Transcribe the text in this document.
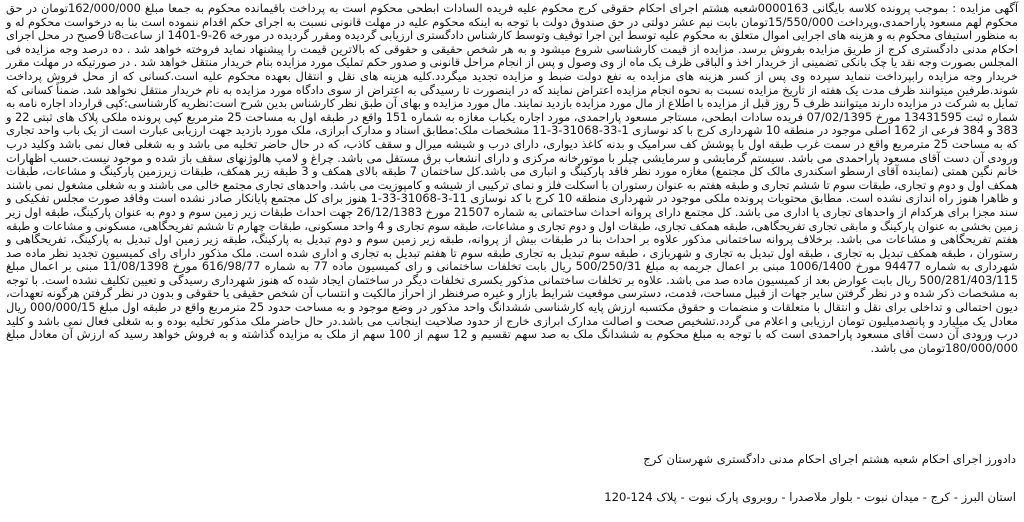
آگهی مزایده : بموجب پرونده کلاسه بایگانی 0000163شعبه هشتم اجرای احکام حقوقی کرج محکوم علیه فریده السادات ابطحی محکوم است به پرداخت باقیمانده محکوم به جمعا مبلغ 162/000/000تومان در حق محکوم لهم مسعود پاراحمدی،وپرداخت 15/550/000تومان بابت نیم عشر دولتی در حق صندوق دولت با توجه به اینکه محکوم علیه در مهلت قانونی نسبت به اجرای حکم اقدام ننموده است بنا به درخواست محکوم له و به منظور استیفای محکوم به و هزینه های اجرایی اموال متعلق به محکوم علیه توسط این اجرا توقیف وتوسط کارشناس دادگستری ارزیابی گردیده ومقرر گردیده در مورخه 26-9-1401 از ساعت8تا 9صبح در محل اجرای احکام مدنی دادگستری کرج از طریق مزایده بفروش برسد. مزایده از قیمت کارشناسی شروع میشود و به هر شخص حقیقی و حقوقی که بالاترین قیمت را پیشنهاد نماید فروخته خواهد شد . ده درصد وجه مزایده فی المجلس بصورت وجه نقد یا چک بانکی تضمینی از خریدار اخذ و الباقی ظرف یک ماه از وی وصول و پس از انجام مراحل قانونی و صدور حکم تملیک مورد مزایده بنام خریدار منتقل خواهد شد . در صورتیکه در مهلت مقرر خریدار وجه مزایده رابپرداخت ننماید سپرده وی پس از کسر هزینه های مزایده به نفع دولت ضبط و مزایده تجدید میگردد.کلیه هزینه های نقل و انتقال بعهده محکوم علیه است.کسانی که از محل فروش پرداخت شوند.طرفین میتوانند ظرف مدت یک هفته از تاریخ مزایده نسبت به نحوه انجام مزایده اعتراض نمایند که در اینصورت تا رسیدگی به اعتراض از سوی دادگاه مورد مزایده به نام خریدار منتقل نخواهد شد. ضمناً کسانی که تمایل به شرکت در مزایده دارند میتوانند ظرف 5 روز قبل از مزایده با اطلاع از مال مورد مزایده بازدید نمایند. مال مورد مزایده و بهای آن طبق نظر کارشناس بدین شرح است:نظریه کارشناسی:کپی قرارداد اجاره نامه به شماره ثبت 13431595 مورخ 07/02/1395 فریده سادات ابطحی، مستاجر مسعود پاراحمدی، مورد اجاره یکباب مغازه به شماره 151 واقع در طبقه اول به مساحت 25 مترمربع کپی پرونده ملکی پلاک های ثبتی 22 و 383 و 384 فرعی از 162 اصلی موجود در منطقه 10 شهرداری کرج با کد نوسازی 1-33-31068-3-11 مشخصات ملک:مطابق اسناد و مدارک ابرازی، ملک مورد بازدید جهت ارزیابی عبارت است از یک باب واحد تجاری که به مساحت 25 مترمربع واقع در سمت غرب طبقه اول با پوشش کف سرامیک و بدنه کاغذ دیواری، دارای درب و شیشه میرال و سقف کاذب، که در حال حاضر تخلیه می باشد و به شغلی فعال نمی باشد وکلید درب ورودی آن دست آقای مسعود پاراحمدی می باشد. سیستم گرمایشی و سرمایشی چیلر با موتورخانه مرکزی و دارای انشعاب برق مستقل می باشد. چراغ و لامپ هالوژنهای سقف باز شده و موجود نیست.حسب اظهارات خانم نگین همتی (نماینده آقای ارسطو اسکندری مالک کل مجتمع) مغازه مورد نظر فاقد پارکینگ و انباری می باشد.کل ساختمان 7 طبقه بالای همکف و 3 طبقه زیر همکف، طبقات زیرزمین پارکینگ و مشاعات، طبقات همکف اول و دوم و تجاری، طبقات سوم تا ششم تجاری و طبقه هفتم به عنوان رستوران با اسکلت فلز و نمای ترکیبی از شیشه و کامپوزیت می باشد. واحدهای تجاری مجتمع خالی می باشند و به شغلی مشغول نمی باشند و ظاهرا هنوز راه اندازی نشده است. مطابق محتویات پرونده ملکی موجود در شهرداری منطقه 10 کرج با کد نوسازی 11-3-31068-33-1 هنوز برای کل مجتمع پایانکار صادر نشده است وفاقد صورت مجلس تفکیکی و سند مجزا برای هرکدام از واحدهای تجاری یا اداری می باشد. کل مجتمع دارای پروانه احداث ساختمانی به شماره 21507 مورخ 26/12/1383 جهت احداث طبقات زیر زمین سوم و دوم به عنوان پارکینگ، طبقه اول زیر زمین بخشی به عنوان پارکینگ و مابقی تجاری تفریحگاهی، طبقه همکف تجاری، طبقات اول و دوم تجاری و مشاعات، طبقه سوم تجاری و 4 واحد مسکونی، طبقات چهارم تا ششم تفریحگاهی، مسکونی و مشاعات و طبقه هفتم تفریحگاهی و مشاعات می باشد. برخلاف پروانه ساختمانی مذکور علاوه بر احداث بنا در طبقات بیش از پروانه، طبقه زیر زمین سوم و دوم تبدیل به پارکینگ، طبقه زیر زمین اول تبدیل به پارکینگ، تفریحگاهی و رستوران ، طبقه همکف تبدیل به تجاری ، طبقه اول تبدیل به تجاری و شهربازی ، طبقه سوم تبدیل به تجاری طبقه سوم تا هفتم تبدیل به تجاری و اداری شده است. ملک مذکور دارای رای کمیسیون تجدید نظر ماده صد شهرداری به شماره 94477 مورخ 1006/1400 مبنی بر اعمال جریمه به مبلغ 500/250/31 ریال بابت تخلفات ساختمانی و رای کمیسیون ماده 77 به شماره 616/98/77 مورخ 11/08/1398 مبنی بر اعمال مبلغ 500/281/403/115 ریال بابت عوارض بعد از کمیسیون ماده صد می باشد. علاوه بر تخلفات ساختمانی مذکور یکسری تخلفات دیگر در ساختمان ایجاد شده که هنوز شهرداری رسیدگی و تعیین تکلیف نشده است. با توجه به مشخصات ذکر شده و در نظر گرفتن سایر جهات از قبیل مساحت، قدمت، دسترسی موقعیت شرایط بازار و غیره صرفنظر از احراز مالکیت و انتساب آن شخص حقیقی یا حقوقی و بدون در نظر گرفتن هرگونه تعهدات، دیون احتمالی و تداخلی برای نقل و انتقال با متعلقات و منضمات و حقوق مکتسبه ارزش پایه کارشناسی ششدانگ واحد مذکور در وضع موجود و به مساحت حدود 25 مترمربع واقع در طبقه اول مبلغ 000/000/15 ریال معادل یک میلیارد و پانصدمیلیون تومان ارزیابی و اعلام می گردد.تشخیص صحت و اصالت مدارک ابرازی خارج از حدود صلاحیت اینجانب می باشد.در حال حاضر ملک مذکور تخلیه بوده و به شغلی فعال نمی باشد و کلید درب ورودی آن دست آقای مسعود پاراحمدی است که با توجه به مبلغ محکوم به ششدانگ ملک به صد سهم تقسیم و 12 سهم از 100 سهم از ملک به مزایده گذاشته و به فروش خواهد رسید که ارزش آن معادل مبلغ 180/000/000تومان می باشد.

دادورز اجرای احکام شعبه هشتم اجرای احکام مدنی دادگستری شهرستان کرج
استان البرز - کرج - میدان نبوت - بلوار ملاصدرا - روبروی پارک نبوت - پلاک 124-120
